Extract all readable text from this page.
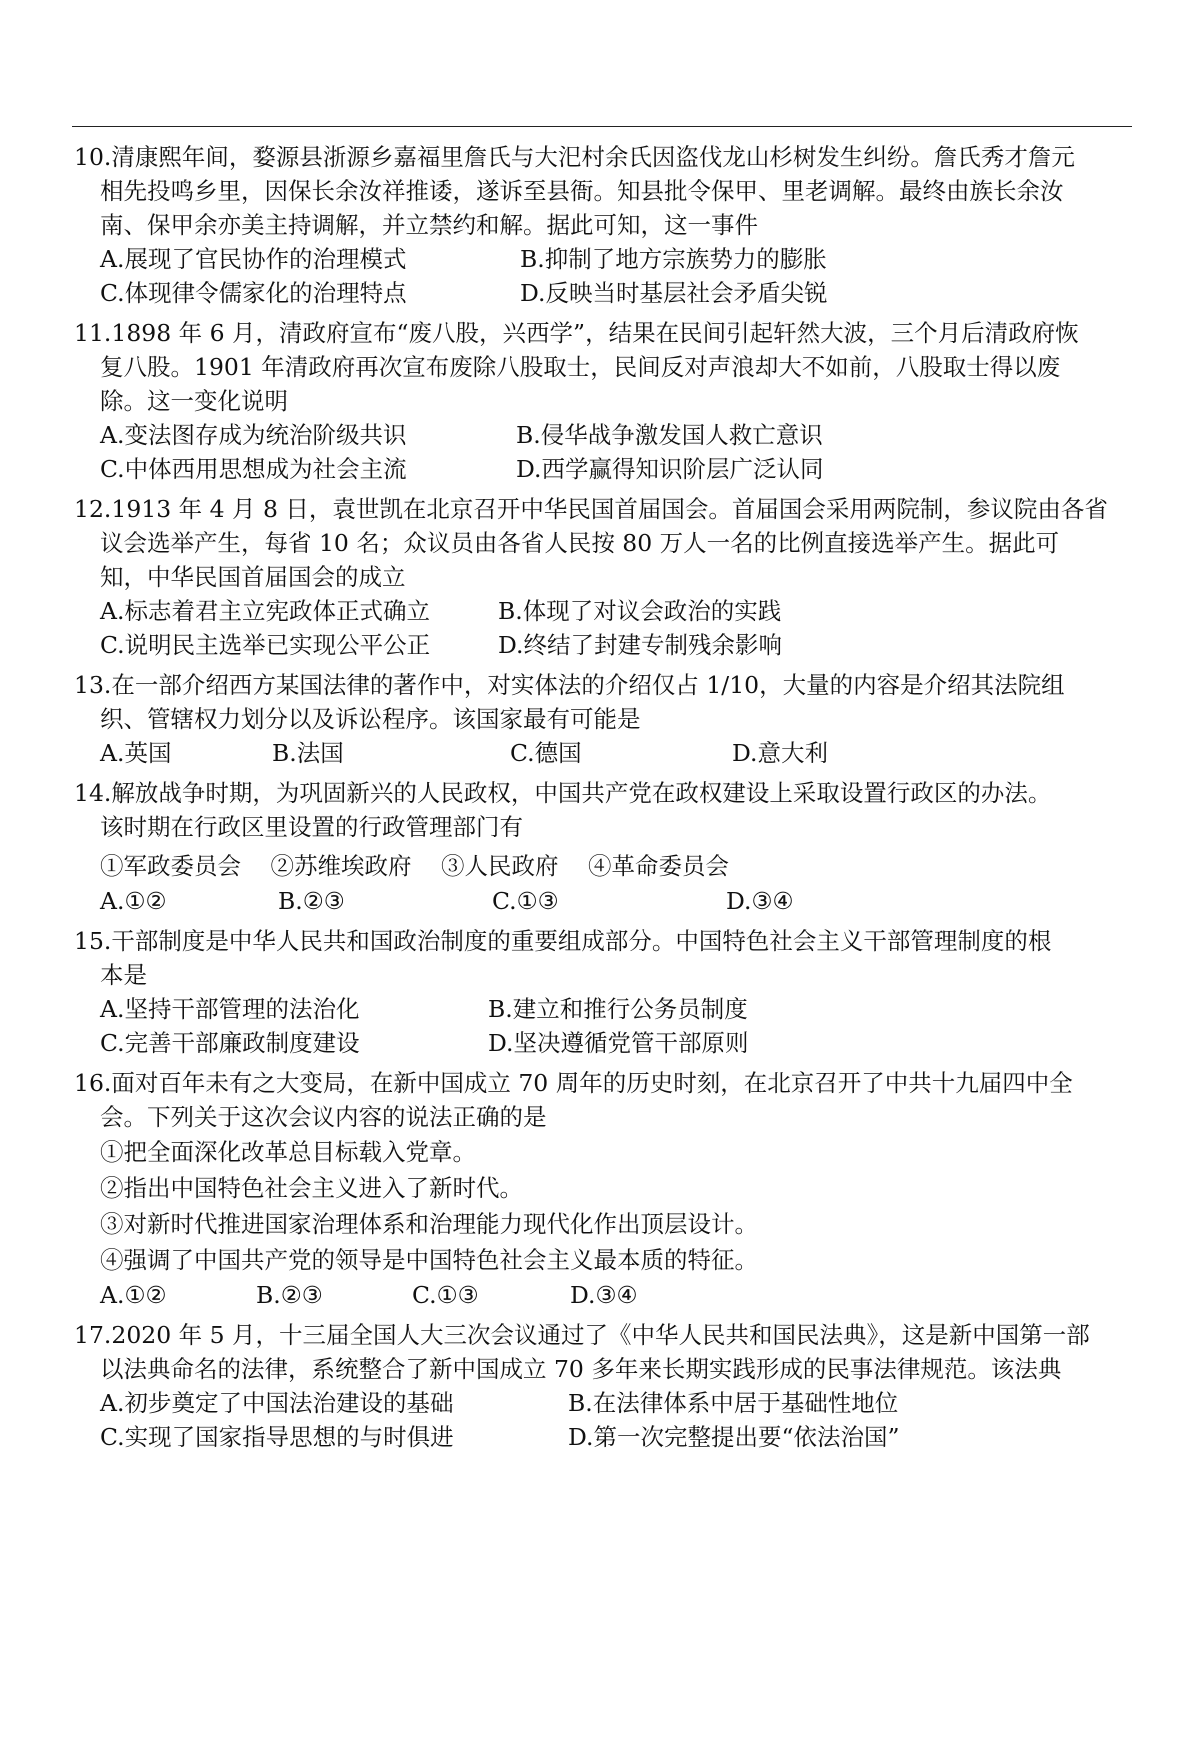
10.清康熙年间，婺源县浙源乡嘉福里詹氏与大汜村余氏因盗伐龙山杉树发生纠纷。詹氏秀才詹元
相先投鸣乡里，因保长余汝祥推诿，遂诉至县衙。知县批令保甲、里老调解。最终由族长余汝
南、保甲余亦美主持调解，并立禁约和解。据此可知，这一事件
A.展现了官民协作的治理模式	B.抑制了地方宗族势力的膨胀
C.体现律令儒家化的治理特点	D.反映当时基层社会矛盾尖锐
11.1898 年 6 月，清政府宣布“废八股，兴西学”，结果在民间引起轩然大波，三个月后清政府恢
复八股。1901 年清政府再次宣布废除八股取士，民间反对声浪却大不如前，八股取士得以废
除。这一变化说明
A.变法图存成为统治阶级共识	B.侵华战争激发国人救亡意识
C.中体西用思想成为社会主流	D.西学赢得知识阶层广泛认同
12.1913 年 4 月 8 日，袁世凯在北京召开中华民国首届国会。首届国会采用两院制，参议院由各省
议会选举产生，每省 10 名；众议员由各省人民按 80 万人一名的比例直接选举产生。据此可
知，中华民国首届国会的成立
A.标志着君主立宪政体正式确立	B.体现了对议会政治的实践
C.说明民主选举已实现公平公正	D.终结了封建专制残余影响
13.在一部介绍西方某国法律的著作中，对实体法的介绍仅占 1/10，大量的内容是介绍其法院组
织、管辖权力划分以及诉讼程序。该国家最有可能是
A.英国	B.法国	C.德国	D.意大利
14.解放战争时期，为巩固新兴的人民政权，中国共产党在政权建设上采取设置行政区的办法。
该时期在行政区里设置的行政管理部门有
①军政委员会 ②苏维埃政府 ③人民政府 ④革命委员会
A.①②	B.②③	C.①③	D.③④
15.干部制度是中华人民共和国政治制度的重要组成部分。中国特色社会主义干部管理制度的根
本是
A.坚持干部管理的法治化	B.建立和推行公务员制度
C.完善干部廉政制度建设	D.坚决遵循党管干部原则
16.面对百年未有之大变局，在新中国成立 70 周年的历史时刻，在北京召开了中共十九届四中全
会。下列关于这次会议内容的说法正确的是
①把全面深化改革总目标载入党章。
②指出中国特色社会主义进入了新时代。
③对新时代推进国家治理体系和治理能力现代化作出顶层设计。
④强调了中国共产党的领导是中国特色社会主义最本质的特征。
A.①②	B.②③	C.①③	D.③④
17.2020 年 5 月，十三届全国人大三次会议通过了《中华人民共和国民法典》，这是新中国第一部
以法典命名的法律，系统整合了新中国成立 70 多年来长期实践形成的民事法律规范。该法典
A.初步奠定了中国法治建设的基础	B.在法律体系中居于基础性地位
C.实现了国家指导思想的与时俱进	D.第一次完整提出要“依法治国”
